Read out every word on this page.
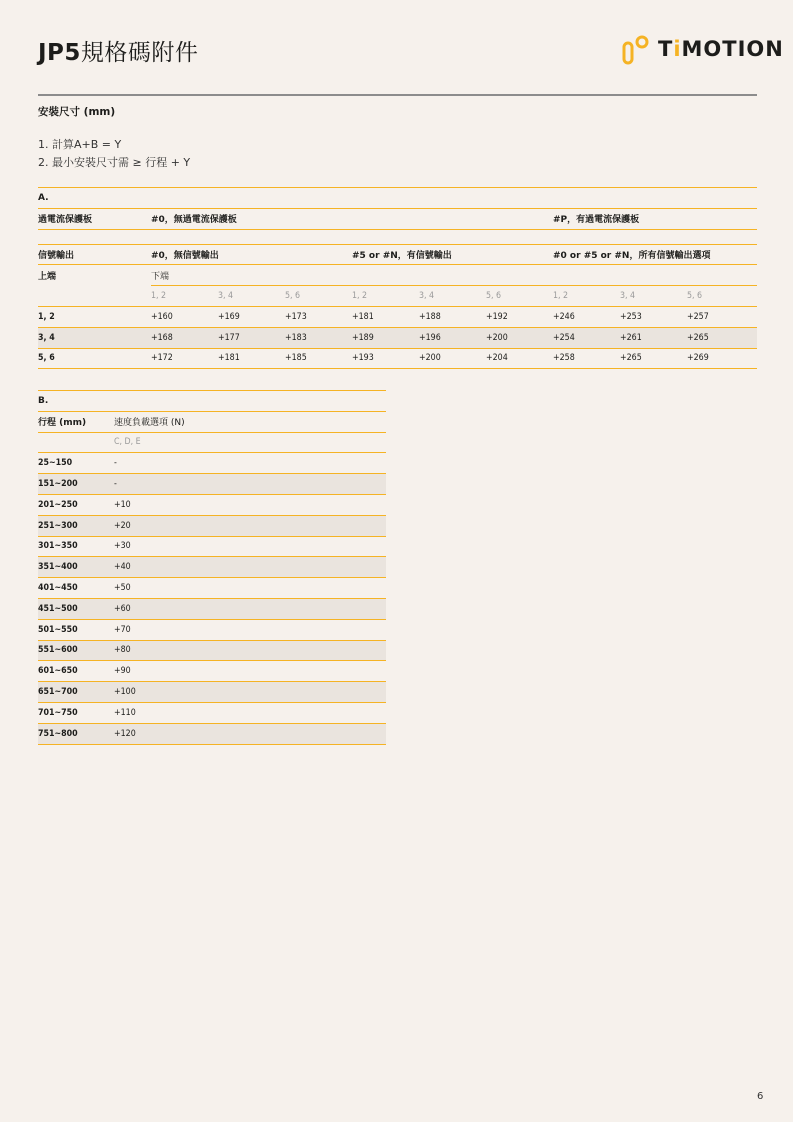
JP5規格碼附件	TiMOTION
安裝尺寸 (mm)
1. 計算A+B = Y
2. 最小安裝尺寸需 ≥ 行程 + Y
A.									
過電流保護板	#0，無過電流保護板						#P，有過電流保護板		

信號輸出	#0，無信號輸出			#5 or #N，有信號輸出			#0 or #5 or #N，所有信號輸出選項		
上端	下端								
	1, 2	3, 4	5, 6	1, 2	3, 4	5, 6	1, 2	3, 4	5, 6
1, 2	+160	+169	+173	+181	+188	+192	+246	+253	+257
3, 4	+168	+177	+183	+189	+196	+200	+254	+261	+265
5, 6	+172	+181	+185	+193	+200	+204	+258	+265	+269
B.	
行程 (mm)	速度負載選項 (N)
	C, D, E
25~150	-
151~200	-
201~250	+10
251~300	+20
301~350	+30
351~400	+40
401~450	+50
451~500	+60
501~550	+70
551~600	+80
601~650	+90
651~700	+100
701~750	+110
751~800	+120
6
